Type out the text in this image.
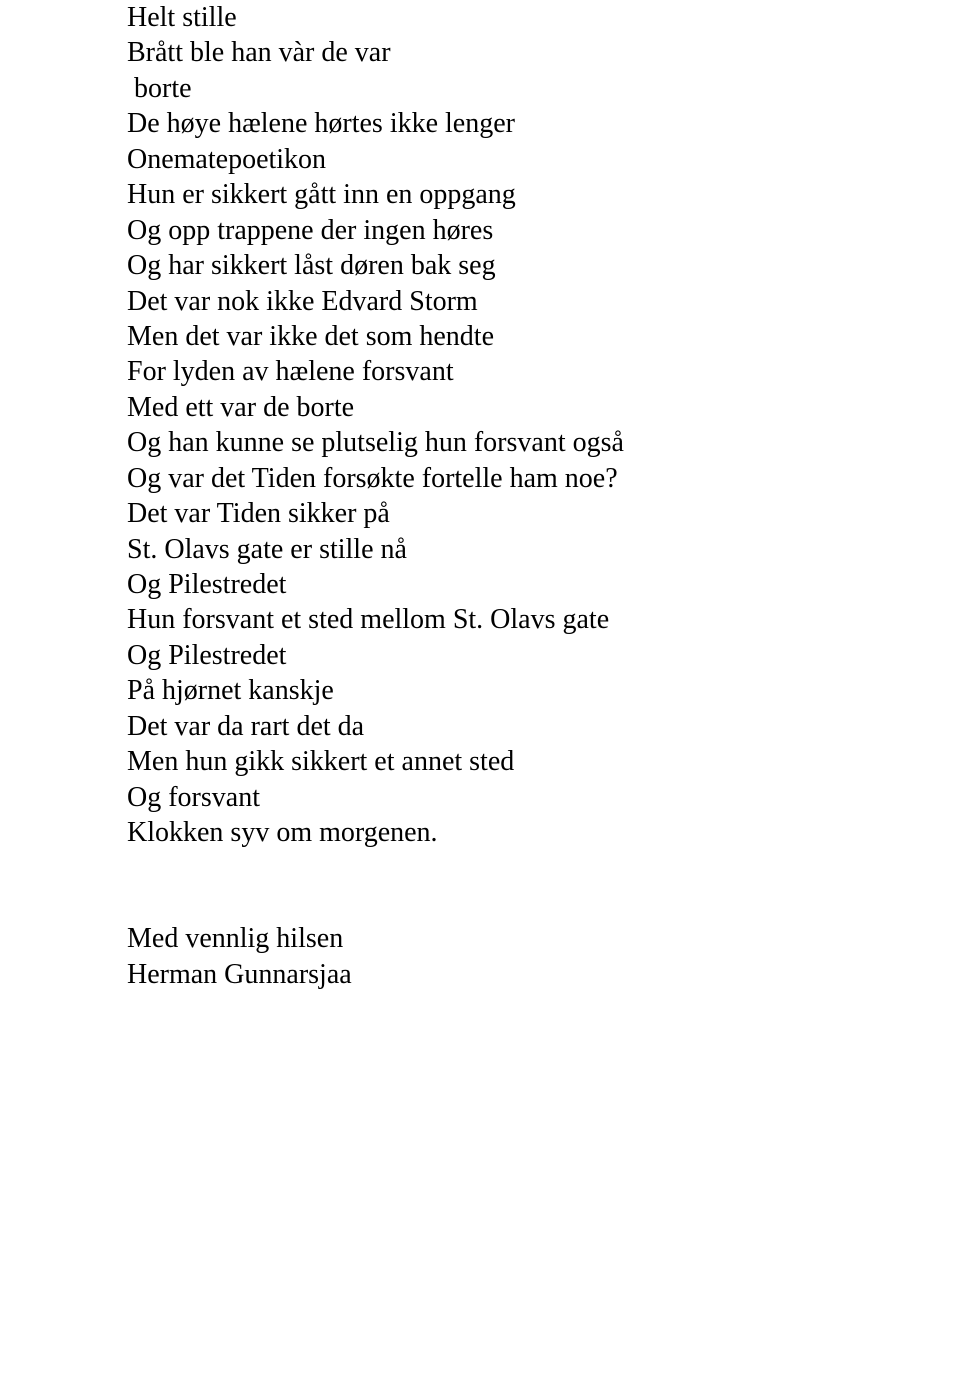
Helt stille
Brått ble han vàr de var
borte
De høye hælene hørtes ikke lenger
Onematepoetikon
Hun er sikkert gått inn en oppgang
Og opp trappene der ingen høres
Og har sikkert låst døren bak seg
Det var nok ikke Edvard Storm
Men det var ikke det som hendte
For lyden av hælene forsvant
Med ett var de borte
Og han kunne se plutselig hun forsvant også
Og var det Tiden forsøkte fortelle ham noe?
Det var Tiden sikker på
St. Olavs gate er stille nå
Og Pilestredet
Hun forsvant et sted mellom St. Olavs gate
Og Pilestredet
På hjørnet kanskje
Det var da rart det da
Men hun gikk sikkert et annet sted
Og forsvant
Klokken syv om morgenen.
Med vennlig hilsen
Herman Gunnarsjaa
